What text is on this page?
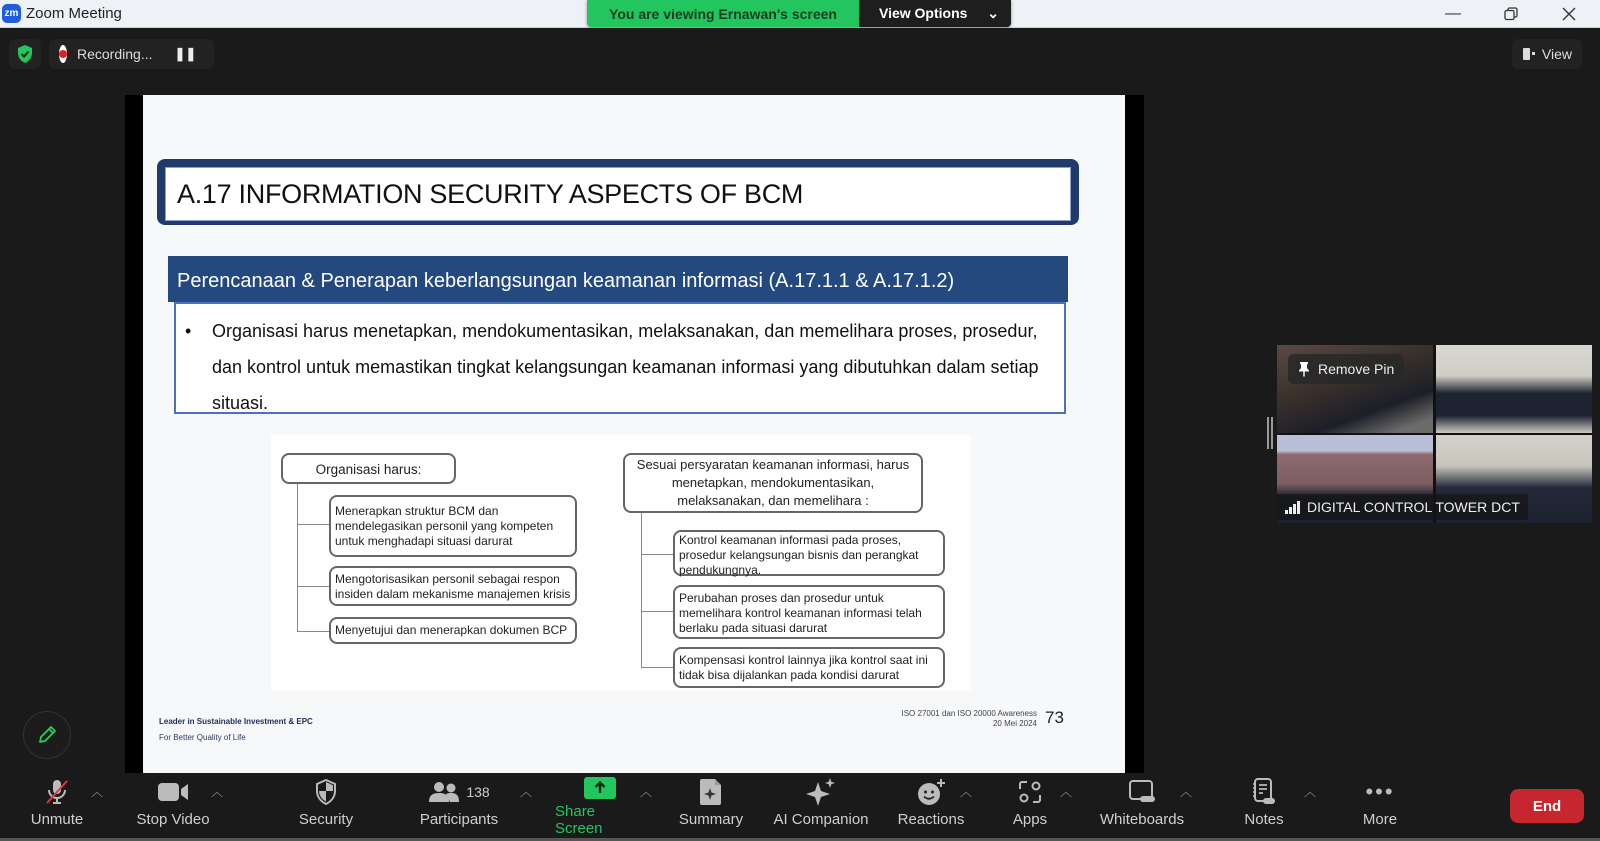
zm Zoom Meeting	You are viewing Ernawan's screen	View Options ⌄	—
Recording... ❚❚	View
A.17 INFORMATION SECURITY ASPECTS OF BCM
Perencanaan & Penerapan keberlangsungan keamanan informasi (A.17.1.1 & A.17.1.2)
• Organisasi harus menetapkan, mendokumentasikan, melaksanakan, dan memelihara proses, prosedur, dan kontrol untuk memastikan tingkat kelangsungan keamanan informasi yang dibutuhkan dalam setiap situasi.
Organisasi harus:
Menerapkan struktur BCM dan mendelegasikan personil yang kompeten untuk menghadapi situasi darurat
Mengotorisasikan personil sebagai respon insiden dalam mekanisme manajemen krisis
Menyetujui dan menerapkan dokumen BCP
Sesuai persyaratan keamanan informasi, harus menetapkan, mendokumentasikan, melaksanakan, dan memelihara :
Kontrol keamanan informasi pada proses, prosedur kelangsungan bisnis dan perangkat pendukungnya.
Perubahan proses dan prosedur untuk memelihara kontrol keamanan informasi telah berlaku pada situasi darurat
Kompensasi kontrol lainnya jika kontrol saat ini tidak bisa dijalankan pada kondisi darurat
Leader in Sustainable Investment & EPC
For Better Quality of Life
ISO 27001 dan ISO 20000 Awareness
20 Mei 2024 73
Remove Pin
DIGITAL CONTROL TOWER DCT
Unmute
︿
Stop Video
︿
Security
138
Participants
︿
Share Screen
︿
Summary AI Companion Reactions
︿
Apps
︿
Whiteboards
︿
Notes
︿ •••
More
End
